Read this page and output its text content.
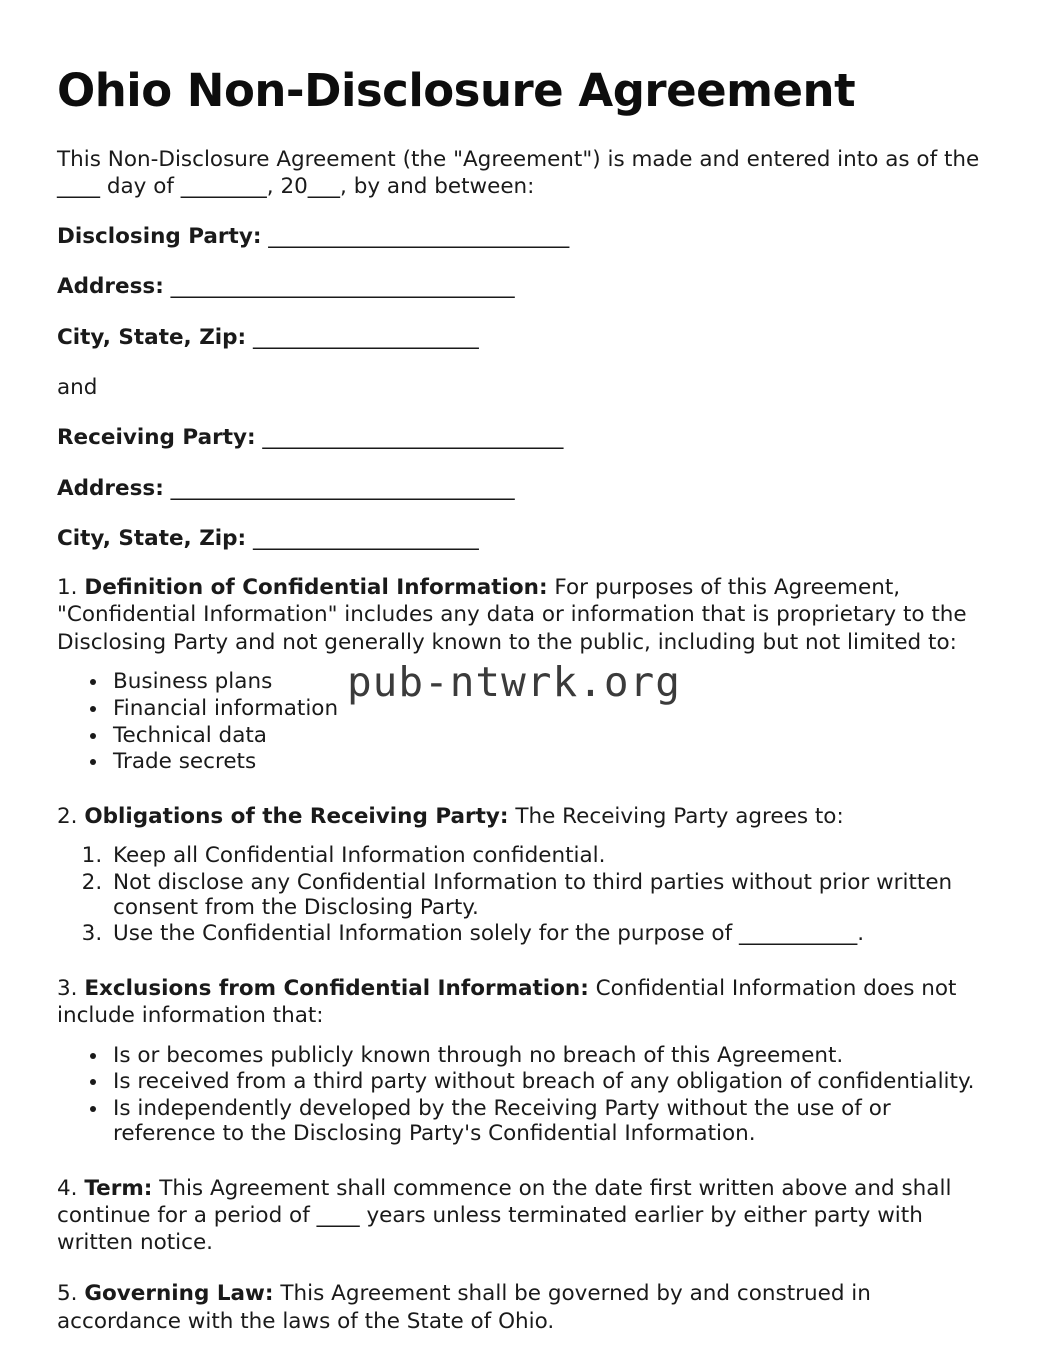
Ohio Non-Disclosure Agreement

This Non-Disclosure Agreement (the "Agreement") is made and entered into as of the ____ day of ________, 20___, by and between:

Disclosing Party: ____________________________

Address: ________________________________

City, State, Zip: _____________________

and

Receiving Party: ____________________________

Address: ________________________________

City, State, Zip: _____________________

1. Definition of Confidential Information: For purposes of this Agreement, "Confidential Information" includes any data or information that is proprietary to the Disclosing Party and not generally known to the public, including but not limited to:

• Business plans
• Financial information
• Technical data
• Trade secrets

2. Obligations of the Receiving Party: The Receiving Party agrees to:

1. Keep all Confidential Information confidential.
2. Not disclose any Confidential Information to third parties without prior written consent from the Disclosing Party.
3. Use the Confidential Information solely for the purpose of ___________.

3. Exclusions from Confidential Information: Confidential Information does not include information that:

• Is or becomes publicly known through no breach of this Agreement.
• Is received from a third party without breach of any obligation of confidentiality.
• Is independently developed by the Receiving Party without the use of or reference to the Disclosing Party's Confidential Information.

4. Term: This Agreement shall commence on the date first written above and shall continue for a period of ____ years unless terminated earlier by either party with written notice.

5. Governing Law: This Agreement shall be governed by and construed in accordance with the laws of the State of Ohio.

pub-ntwrk.org
